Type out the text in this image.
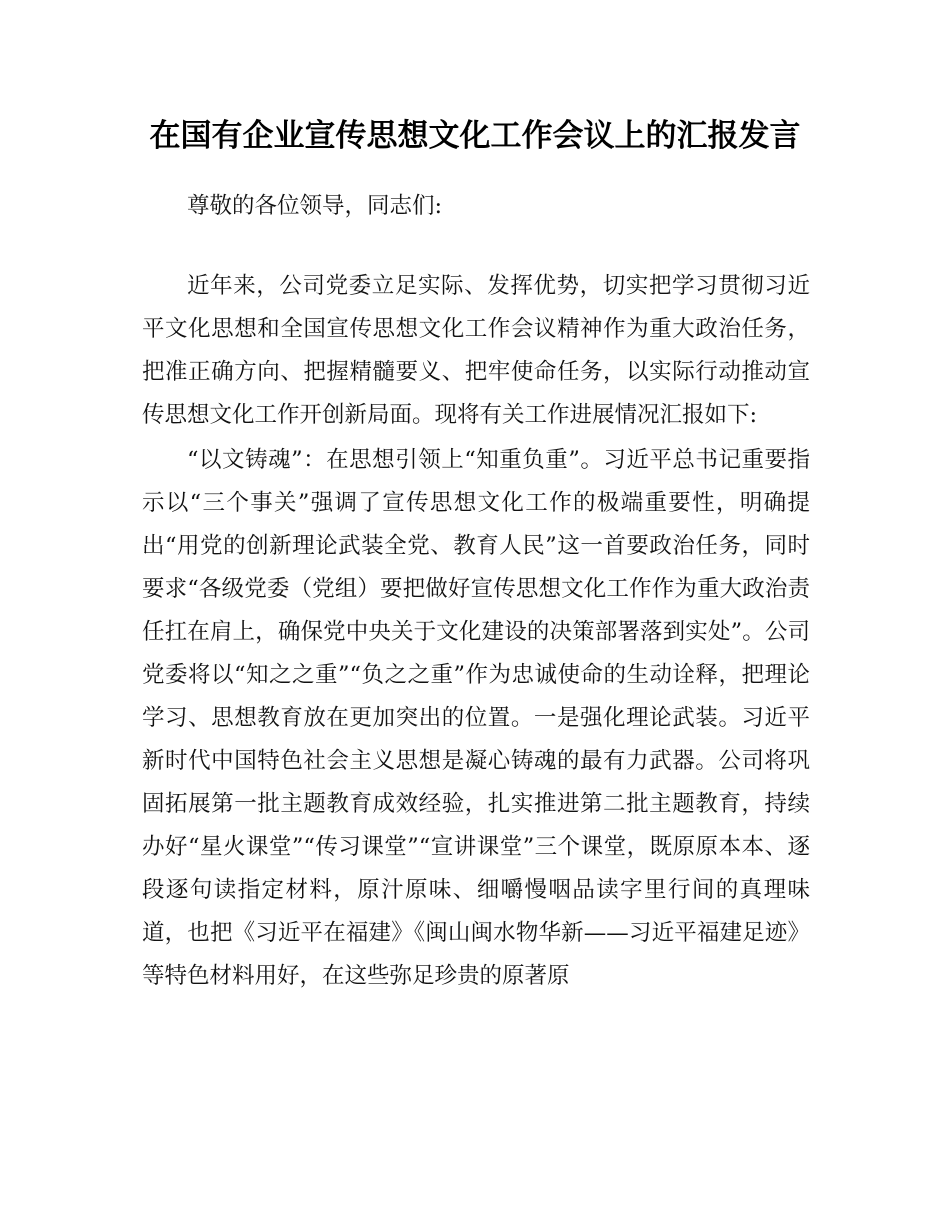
在国有企业宣传思想文化工作会议上的汇报发言

尊敬的各位领导，同志们:

近年来，公司党委立足实际、发挥优势，切实把学习贯彻习近平文化思想和全国宣传思想文化工作会议精神作为重大政治任务，把准正确方向、把握精髓要义、把牢使命任务，以实际行动推动宣传思想文化工作开创新局面。现将有关工作进展情况汇报如下:

“以文铸魂”：在思想引领上“知重负重”。习近平总书记重要指示以“三个事关”强调了宣传思想文化工作的极端重要性，明确提出“用党的创新理论武装全党、教育人民”这一首要政治任务，同时要求“各级党委（党组）要把做好宣传思想文化工作作为重大政治责任扛在肩上，确保党中央关于文化建设的决策部署落到实处”。公司党委将以“知之之重”“负之之重”作为忠诚使命的生动诠释，把理论学习、思想教育放在更加突出的位置。一是强化理论武装。习近平新时代中国特色社会主义思想是凝心铸魂的最有力武器。公司将巩固拓展第一批主题教育成效经验，扎实推进第二批主题教育，持续办好“星火课堂”“传习课堂”“宣讲课堂”三个课堂，既原原本本、逐段逐句读指定材料，原汁原味、细嚼慢咽品读字里行间的真理味道，也把《习近平在福建》《闽山闽水物华新——习近平福建足迹》等特色材料用好，在这些弥足珍贵的原著原
